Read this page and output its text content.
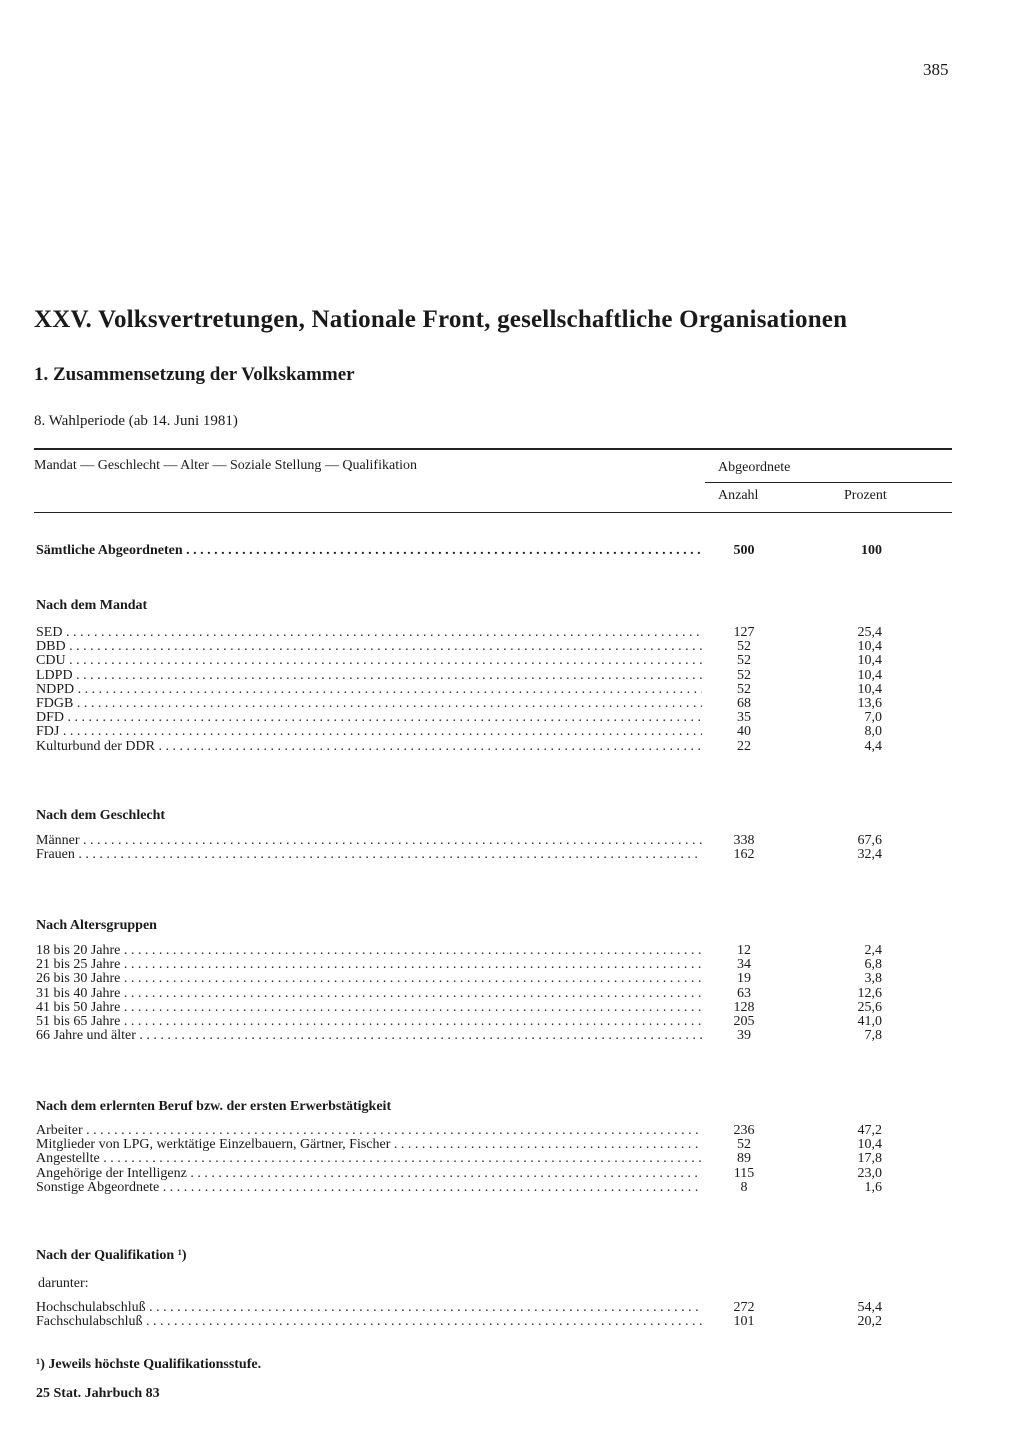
385
XXV. Volksvertretungen, Nationale Front, gesellschaftliche Organisationen
1. Zusammensetzung der Volkskammer
8. Wahlperiode (ab 14. Juni 1981)
Mandat — Geschlecht — Alter — Soziale Stellung — Qualifikation	Abgeordnete
Anzahl	Prozent
Sämtliche Abgeordneten . . .	500	100
Nach dem Mandat
SED . . .	127	25,4
DBD . . .	52	10,4
CDU . . .	52	10,4
LDPD . . .	52	10,4
NDPD . . .	52	10,4
FDGB . . .	68	13,6
DFD . . .	35	7,0
FDJ . . .	40	8,0
Kulturbund der DDR . . .	22	4,4
Nach dem Geschlecht
Männer . . .	338	67,6
Frauen . . .	162	32,4
Nach Altersgruppen
18 bis 20 Jahre . . .	12	2,4
21 bis 25 Jahre . . .	34	6,8
26 bis 30 Jahre . . .	19	3,8
31 bis 40 Jahre . . .	63	12,6
41 bis 50 Jahre . . .	128	25,6
51 bis 65 Jahre . . .	205	41,0
66 Jahre und älter . . .	39	7,8
Nach dem erlernten Beruf bzw. der ersten Erwerbstätigkeit
Arbeiter . . .	236	47,2
Mitglieder von LPG, werktätige Einzelbauern, Gärtner, Fischer . . .	52	10,4
Angestellte . . .	89	17,8
Angehörige der Intelligenz . . .	115	23,0
Sonstige Abgeordnete . . .	8	1,6
Nach der Qualifikation ¹)
darunter:
Hochschulabschluß . . .	272	54,4
Fachschulabschluß . . .	101	20,2
¹) Jeweils höchste Qualifikationsstufe.
25 Stat. Jahrbuch 83
